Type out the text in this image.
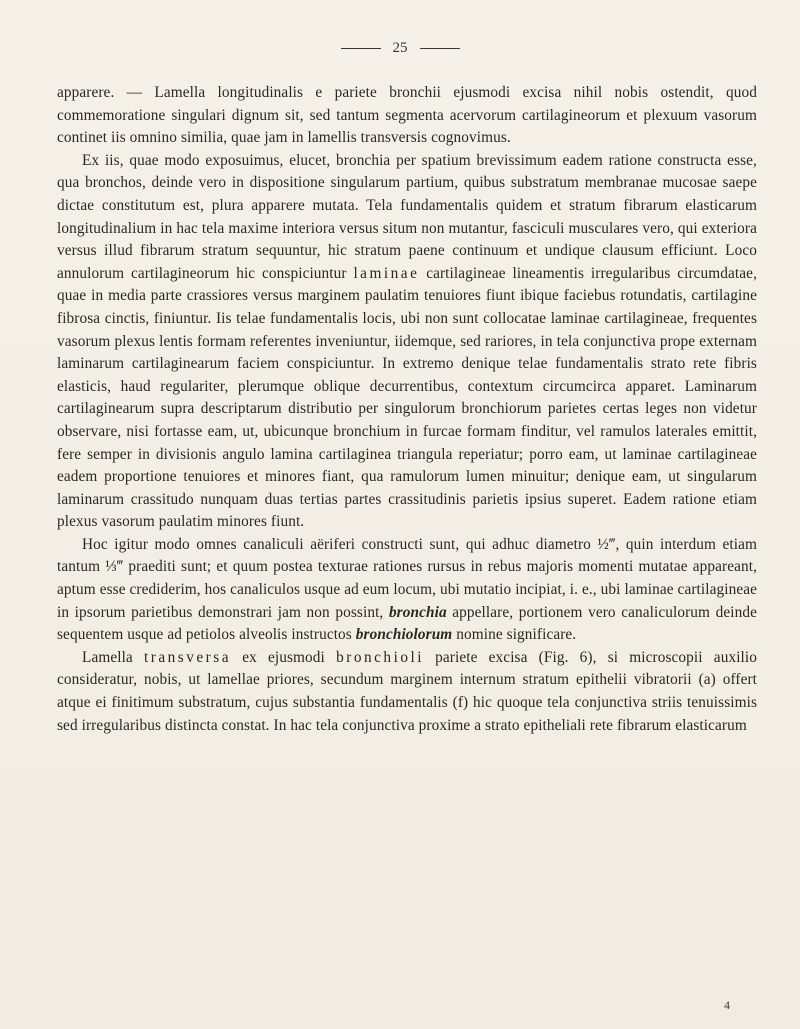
25

apparere. — Lamella longitudinalis e pariete bronchii ejusmodi excisa nihil nobis ostendit, quod commemoratione singulari dignum sit, sed tantum segmenta acervorum cartilagineorum et plexuum vasorum continet iis omnino similia, quae jam in lamellis transversis cognovimus.

Ex iis, quae modo exposuimus, elucet, bronchia per spatium brevissimum eadem ratione constructa esse, qua bronchos, deinde vero in dispositione singularum partium, quibus substratum membranae mucosae saepe dictae constitutum est, plura apparere mutata. Tela fundamentalis quidem et stratum fibrarum elasticarum longitudinalium in hac tela maxime interiora versus situm non mutantur, fasciculi musculares vero, qui exteriora versus illud fibrarum stratum sequuntur, hic stratum paene continuum et undique clausum efficiunt. Loco annulorum cartilagineorum hic conspiciuntur laminae cartilagineae lineamentis irregularibus circumdatae, quae in media parte crassiores versus marginem paulatim tenuiores fiunt ibique faciebus rotundatis, cartilagine fibrosa cinctis, finiuntur. Iis telae fundamentalis locis, ubi non sunt collocatae laminae cartilagineae, frequentes vasorum plexus lentis formam referentes inveniuntur, iidemque, sed rariores, in tela conjunctiva prope externam laminarum cartilaginearum faciem conspiciuntur. In extremo denique telae fundamentalis strato rete fibris elasticis, haud regulariter, plerumque oblique decurrentibus, contextum circumcirca apparet. Laminarum cartilaginearum supra descriptarum distributio per singulorum bronchiorum parietes certas leges non videtur observare, nisi fortasse eam, ut, ubicunque bronchium in furcae formam finditur, vel ramulos laterales emittit, fere semper in divisionis angulo lamina cartilaginea triangula reperiatur; porro eam, ut laminae cartilagineae eadem proportione tenuiores et minores fiant, qua ramulorum lumen minuitur; denique eam, ut singularum laminarum crassitudo nunquam duas tertias partes crassitudinis parietis ipsius superet. Eadem ratione etiam plexus vasorum paulatim minores fiunt.

Hoc igitur modo omnes canaliculi aëriferi constructi sunt, qui adhuc diametro ½‴, quin interdum etiam tantum ⅓‴ praediti sunt; et quum postea texturae rationes rursus in rebus majoris momenti mutatae appareant, aptum esse crediderim, hos canaliculos usque ad eum locum, ubi mutatio incipiat, i. e., ubi laminae cartilagineae in ipsorum parietibus demonstrari jam non possint, bronchia appellare, portionem vero canaliculorum deinde sequentem usque ad petiolos alveolis instructos bronchiolorum nomine significare.

Lamella transversa ex ejusmodi bronchioli pariete excisa (Fig. 6), si microscopii auxilio consideratur, nobis, ut lamellae priores, secundum marginem internum stratum epithelii vibratorii (a) offert atque ei finitimum substratum, cujus substantia fundamentalis (f) hic quoque tela conjunctiva striis tenuissimis sed irregularibus distincta constat. In hac tela conjunctiva proxime a strato epitheliali rete fibrarum elasticarum

4
